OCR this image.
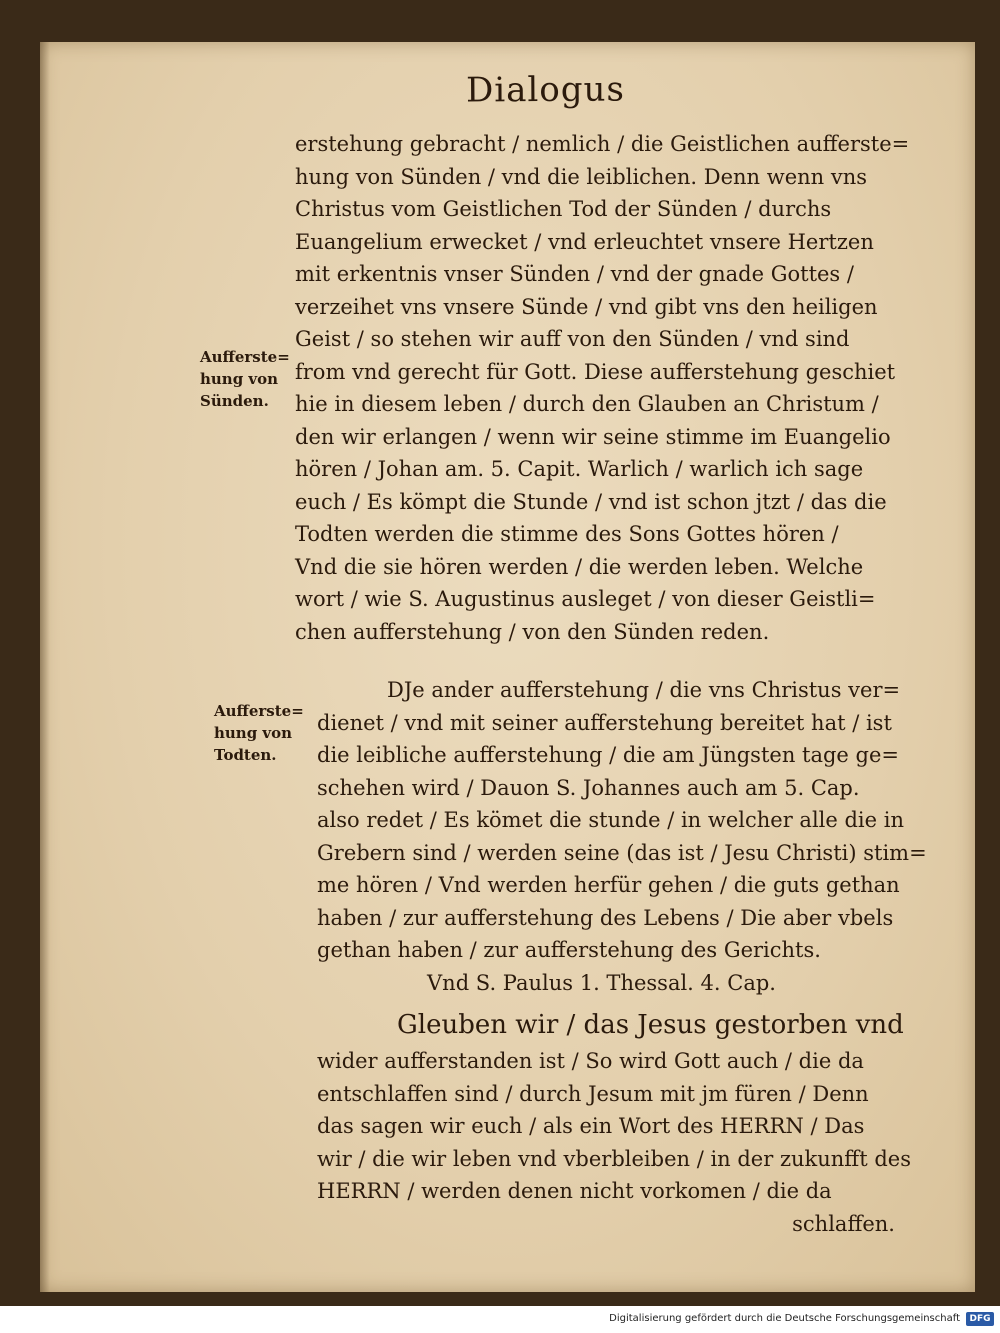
Dialogus
Aufferste=
hung von
Sünden.
Aufferste=
hung von
Todten.
erstehung gebracht / nemlich / die Geistlichen aufferste=
hung von Sünden / vnd die leiblichen. Denn wenn vns
Christus vom Geistlichen Tod der Sünden / durchs
Euangelium erwecket / vnd erleuchtet vnsere Hertzen
mit erkentnis vnser Sünden / vnd der gnade Gottes /
verzeihet vns vnsere Sünde / vnd gibt vns den heiligen
Geist / so stehen wir auff von den Sünden / vnd sind
from vnd gerecht für Gott. Diese aufferstehung geschiet
hie in diesem leben / durch den Glauben an Christum /
den wir erlangen / wenn wir seine stimme im Euangelio
hören / Johan am. 5. Capit. Warlich / warlich ich sage
euch / Es kömpt die Stunde / vnd ist schon jtzt / das die
Todten werden die stimme des Sons Gottes hören /
Vnd die sie hören werden / die werden leben. Welche
wort / wie S. Augustinus ausleget / von dieser Geistli=
chen aufferstehung / von den Sünden reden.
DJe ander aufferstehung / die vns Christus ver=
dienet / vnd mit seiner aufferstehung bereitet hat / ist
die leibliche aufferstehung / die am Jüngsten tage ge=
schehen wird / Dauon S. Johannes auch am 5. Cap.
also redet / Es kömet die stunde / in welcher alle die in
Grebern sind / werden seine (das ist / Jesu Christi) stim=
me hören / Vnd werden herfür gehen / die guts gethan
haben / zur aufferstehung des Lebens / Die aber vbels
gethan haben / zur aufferstehung des Gerichts.
Vnd S. Paulus 1. Thessal. 4. Cap.
Gleuben wir / das Jesus gestorben vnd
wider aufferstanden ist / So wird Gott auch / die da
entschlaffen sind / durch Jesum mit jm füren / Denn
das sagen wir euch / als ein Wort des HERRN / Das
wir / die wir leben vnd vberbleiben / in der zukunfft des
HERRN / werden denen nicht vorkomen / die da
schlaffen.
Digitalisierung gefördert durch die Deutsche Forschungsgemeinschaft	DFG
